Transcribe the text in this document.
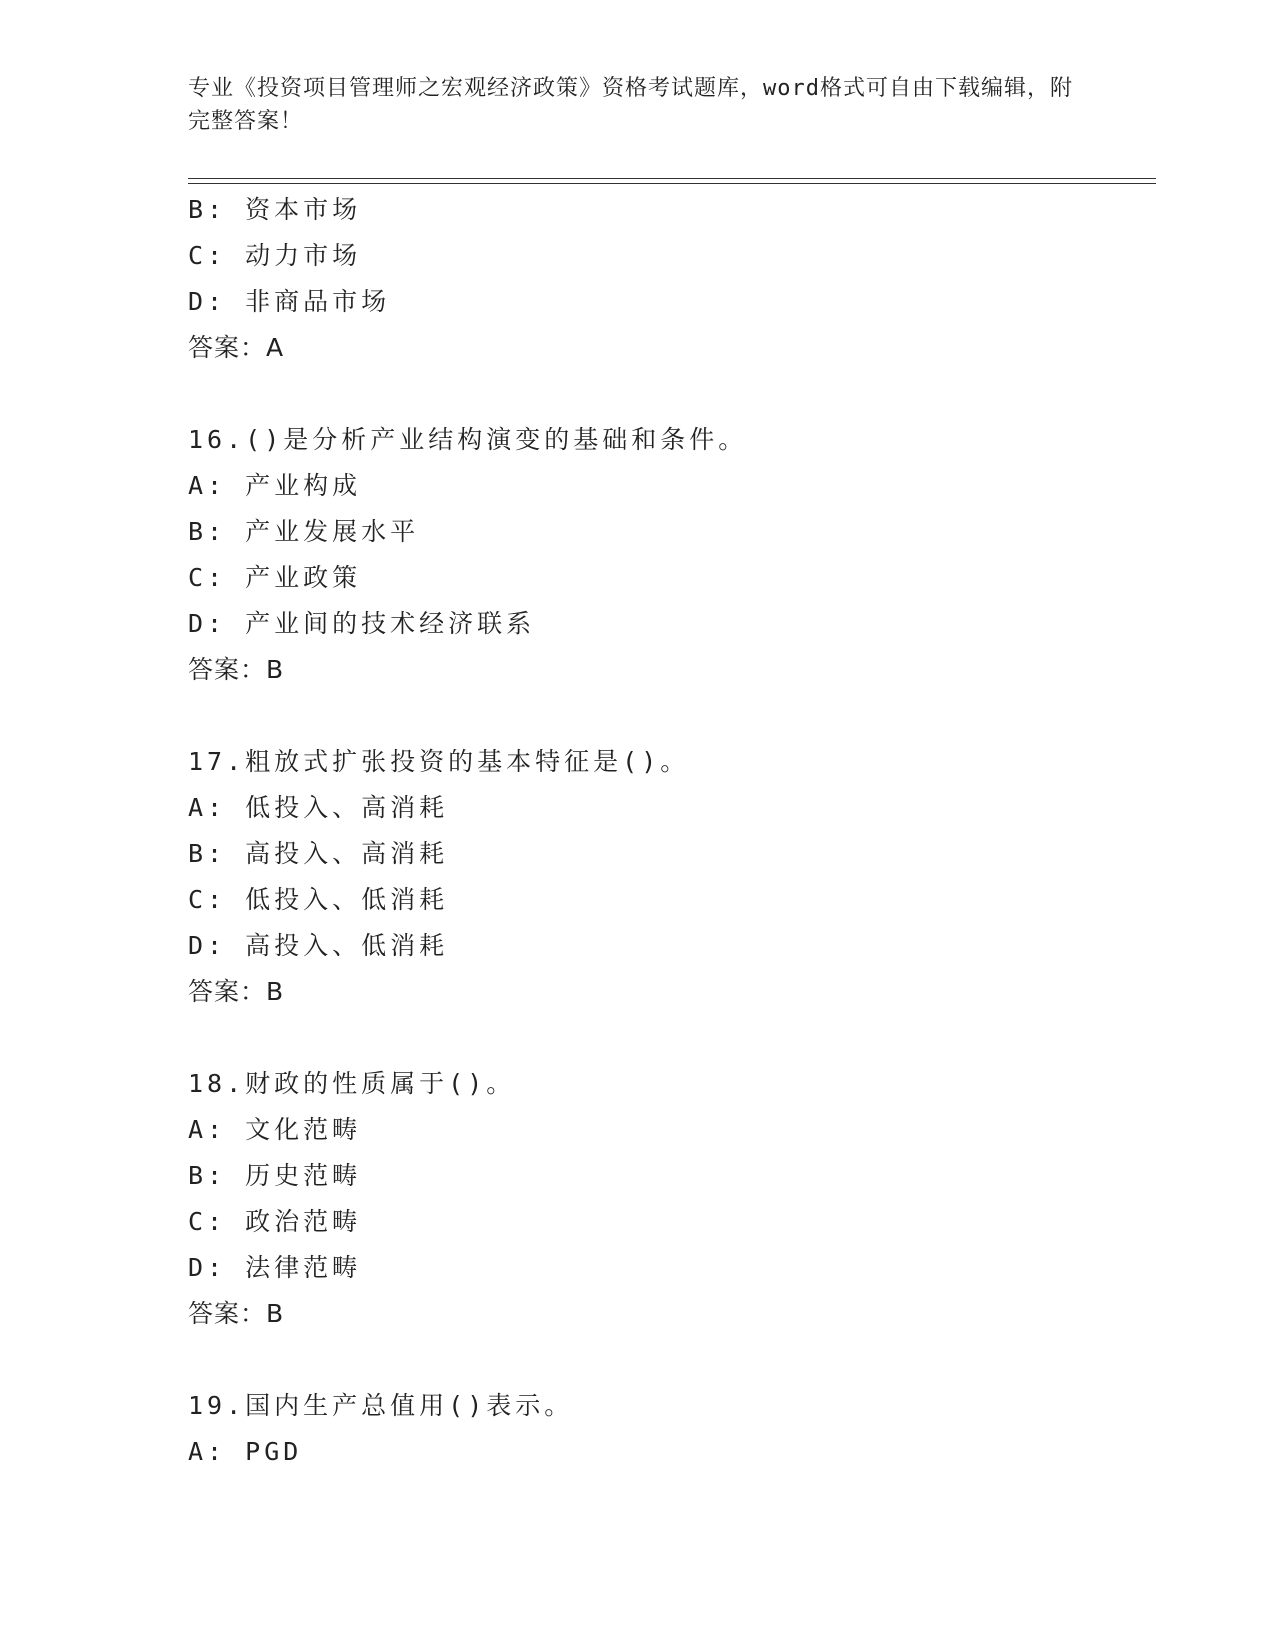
专业《投资项目管理师之宏观经济政策》资格考试题库，word格式可自由下载编辑，附完整答案！
B: 资本市场
C: 动力市场
D: 非商品市场
答案：A
16.()是分析产业结构演变的基础和条件。
A: 产业构成
B: 产业发展水平
C: 产业政策
D: 产业间的技术经济联系
答案：B
17.粗放式扩张投资的基本特征是()。
A: 低投入、高消耗
B: 高投入、高消耗
C: 低投入、低消耗
D: 高投入、低消耗
答案：B
18.财政的性质属于()。
A: 文化范畴
B: 历史范畴
C: 政治范畴
D: 法律范畴
答案：B
19.国内生产总值用()表示。
A: PGD
